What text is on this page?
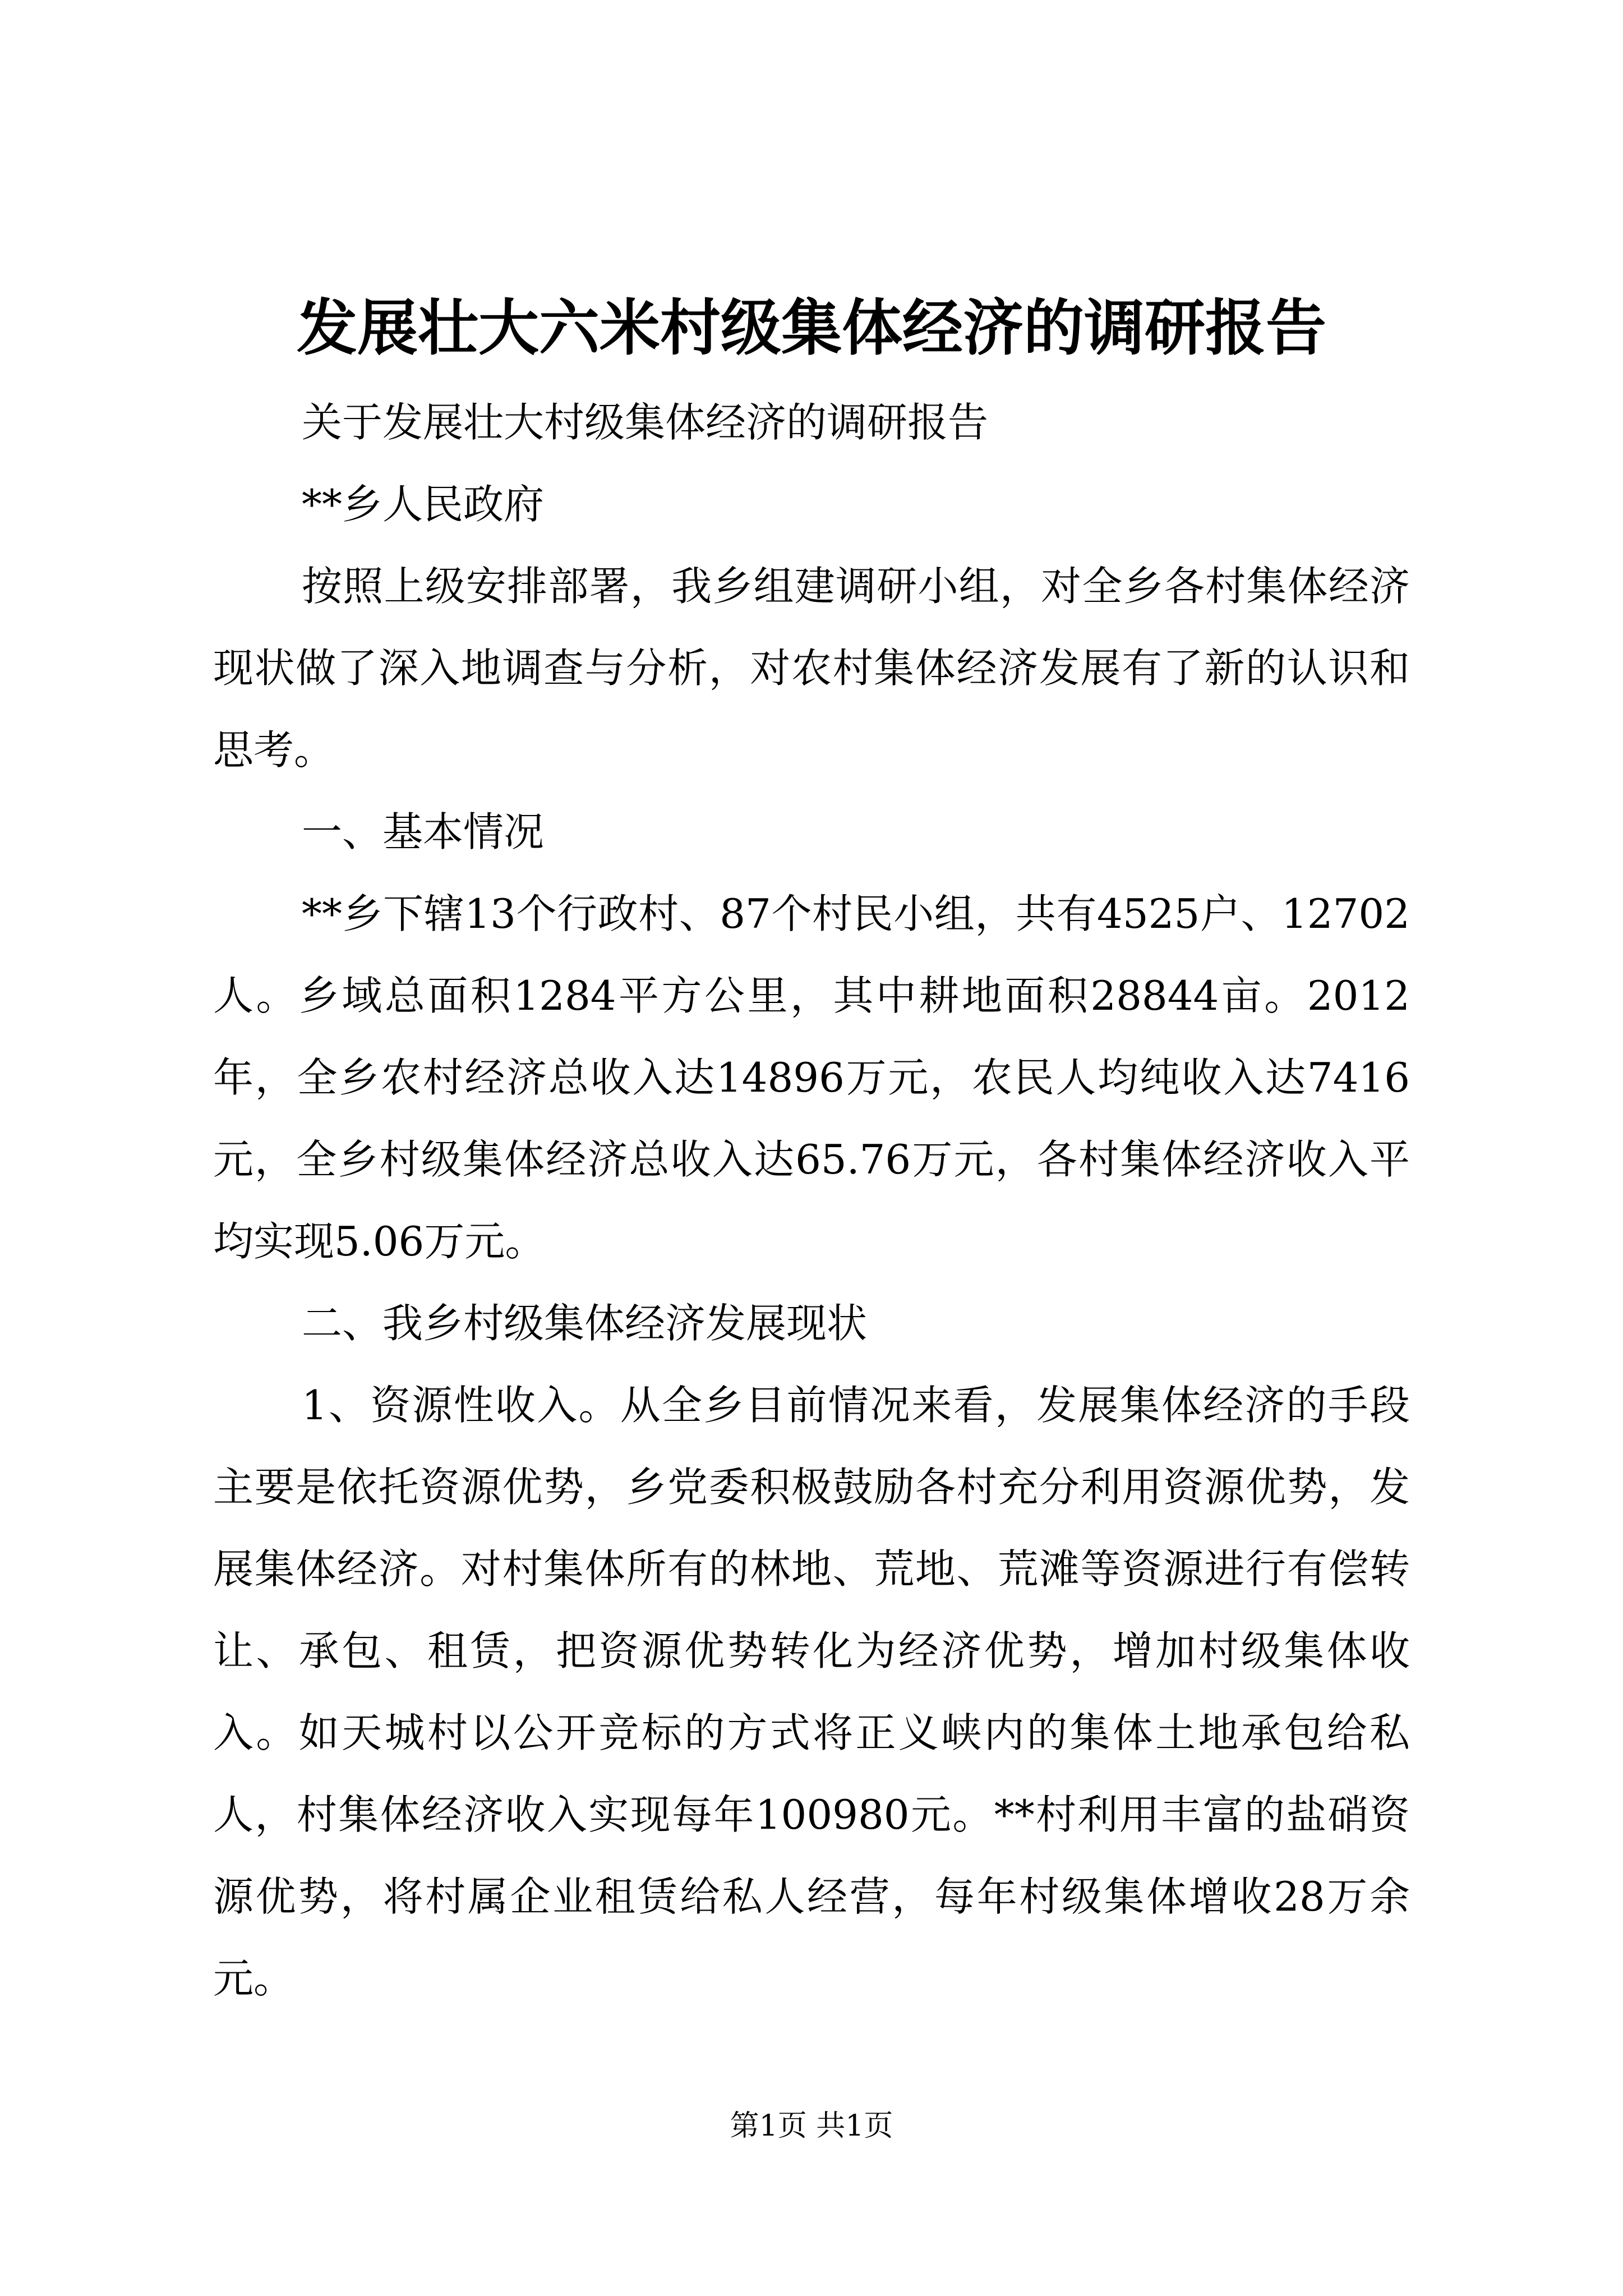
发展壮大六米村级集体经济的调研报告

关于发展壮大村级集体经济的调研报告

**乡人民政府

按照上级安排部署，我乡组建调研小组，对全乡各村集体经济现状做了深入地调查与分析，对农村集体经济发展有了新的认识和思考。

一、基本情况

**乡下辖13个行政村、87个村民小组，共有4525户、12702人。乡域总面积1284平方公里，其中耕地面积28844亩。2012年，全乡农村经济总收入达14896万元，农民人均纯收入达7416元，全乡村级集体经济总收入达65.76万元，各村集体经济收入平均实现5.06万元。

二、我乡村级集体经济发展现状

1、资源性收入。从全乡目前情况来看，发展集体经济的手段主要是依托资源优势，乡党委积极鼓励各村充分利用资源优势，发展集体经济。对村集体所有的林地、荒地、荒滩等资源进行有偿转让、承包、租赁，把资源优势转化为经济优势，增加村级集体收入。如天城村以公开竞标的方式将正义峡内的集体土地承包给私人，村集体经济收入实现每年100980元。**村利用丰富的盐硝资源优势，将村属企业租赁给私人经营，每年村级集体增收28万余元。

第1页 共1页
